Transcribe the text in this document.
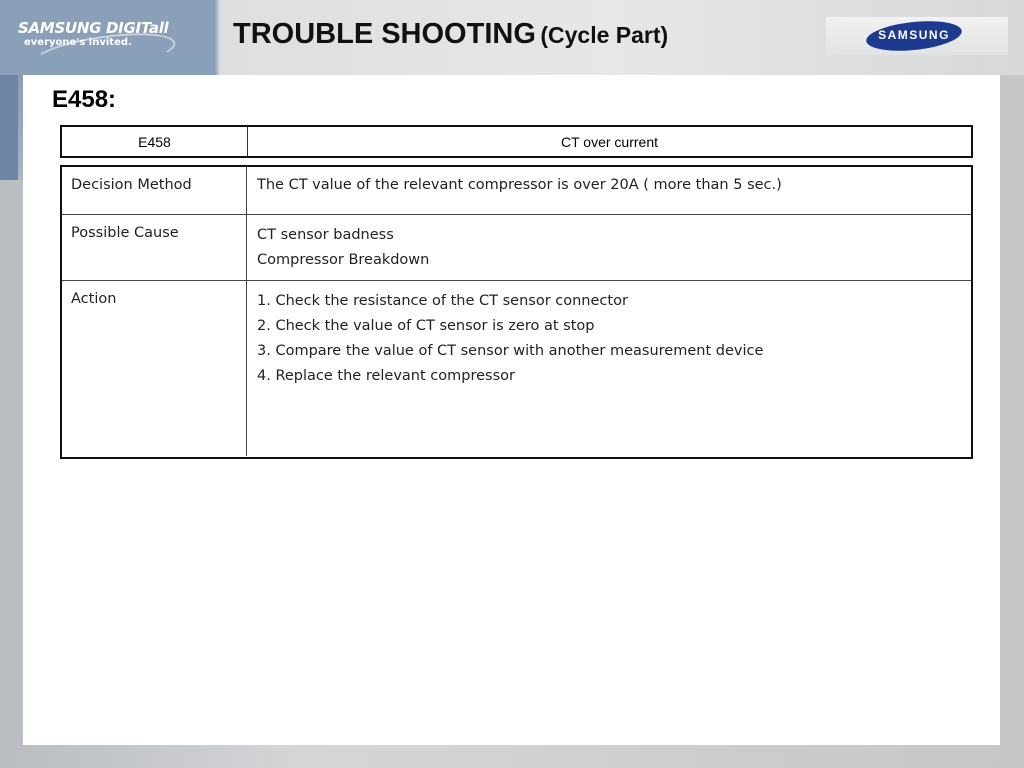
SAMSUNG DIGITall
everyone's invited.	TROUBLE SHOOTING (Cycle Part)	SAMSUNG
E458:
E458	CT over current
Decision Method	The CT value of the relevant compressor is over 20A ( more than 5 sec.)
Possible Cause	CT sensor badness
Compressor Breakdown
Action	1. Check the resistance of the CT sensor connector
2. Check the value of CT sensor is zero at stop
3. Compare the value of CT sensor with another measurement device
4. Replace the relevant compressor
